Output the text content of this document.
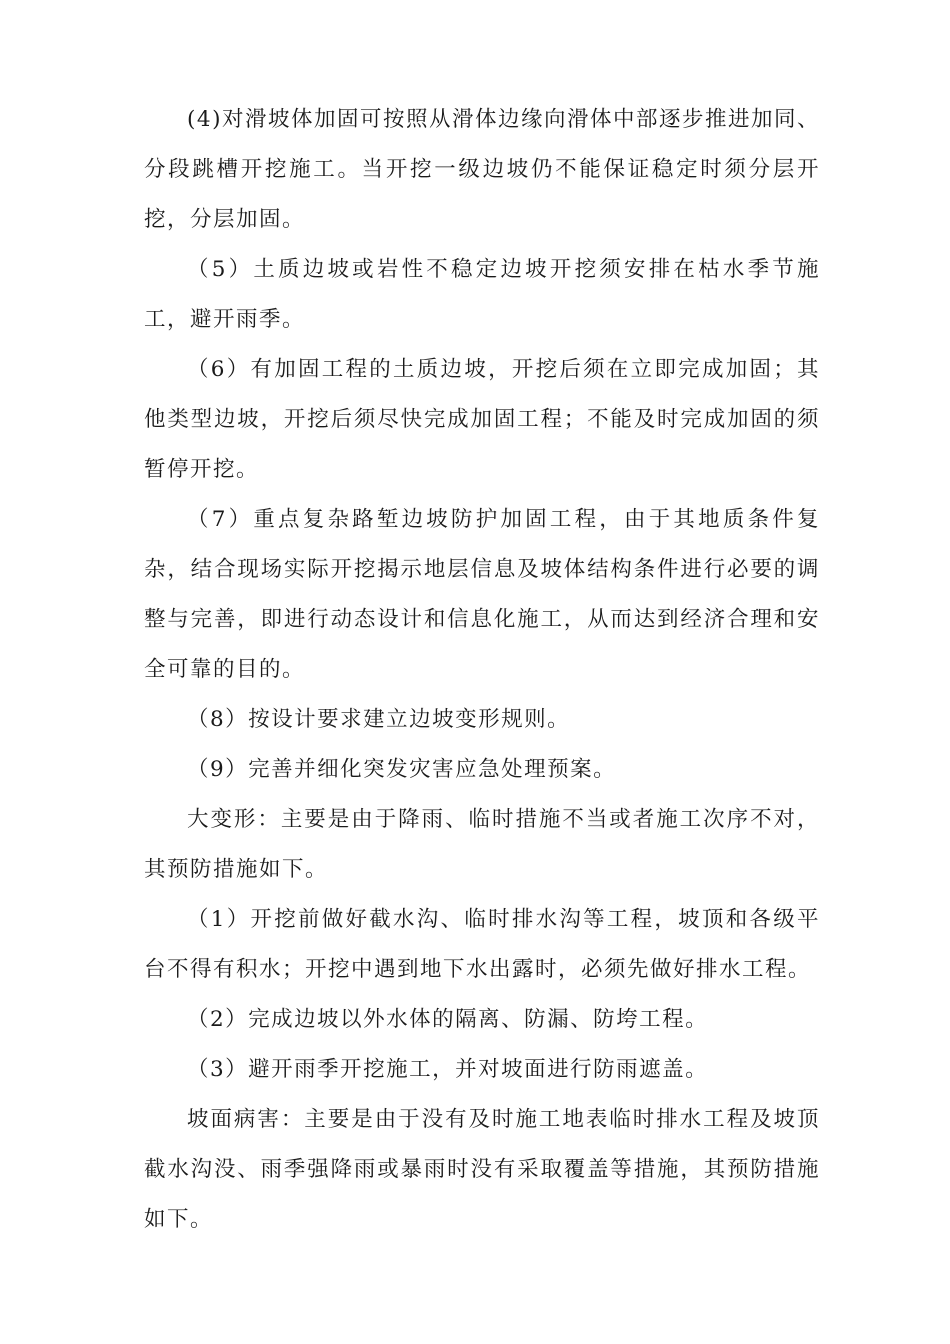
(4)对滑坡体加固可按照从滑体边缘向滑体中部逐步推进加同、分段跳槽开挖施工。当开挖一级边坡仍不能保证稳定时须分层开挖，分层加固。

（5）土质边坡或岩性不稳定边坡开挖须安排在枯水季节施工，避开雨季。

（6）有加固工程的土质边坡，开挖后须在立即完成加固；其他类型边坡，开挖后须尽快完成加固工程；不能及时完成加固的须暂停开挖。

（7）重点复杂路堑边坡防护加固工程，由于其地质条件复杂，结合现场实际开挖揭示地层信息及坡体结构条件进行必要的调整与完善，即进行动态设计和信息化施工，从而达到经济合理和安全可靠的目的。

（8）按设计要求建立边坡变形规则。

（9）完善并细化突发灾害应急处理预案。

大变形：主要是由于降雨、临时措施不当或者施工次序不对，其预防措施如下。

（1）开挖前做好截水沟、临时排水沟等工程，坡顶和各级平台不得有积水；开挖中遇到地下水出露时，必须先做好排水工程。

（2）完成边坡以外水体的隔离、防漏、防垮工程。

（3）避开雨季开挖施工，并对坡面进行防雨遮盖。

坡面病害：主要是由于没有及时施工地表临时排水工程及坡顶截水沟没、雨季强降雨或暴雨时没有采取覆盖等措施，其预防措施如下。
